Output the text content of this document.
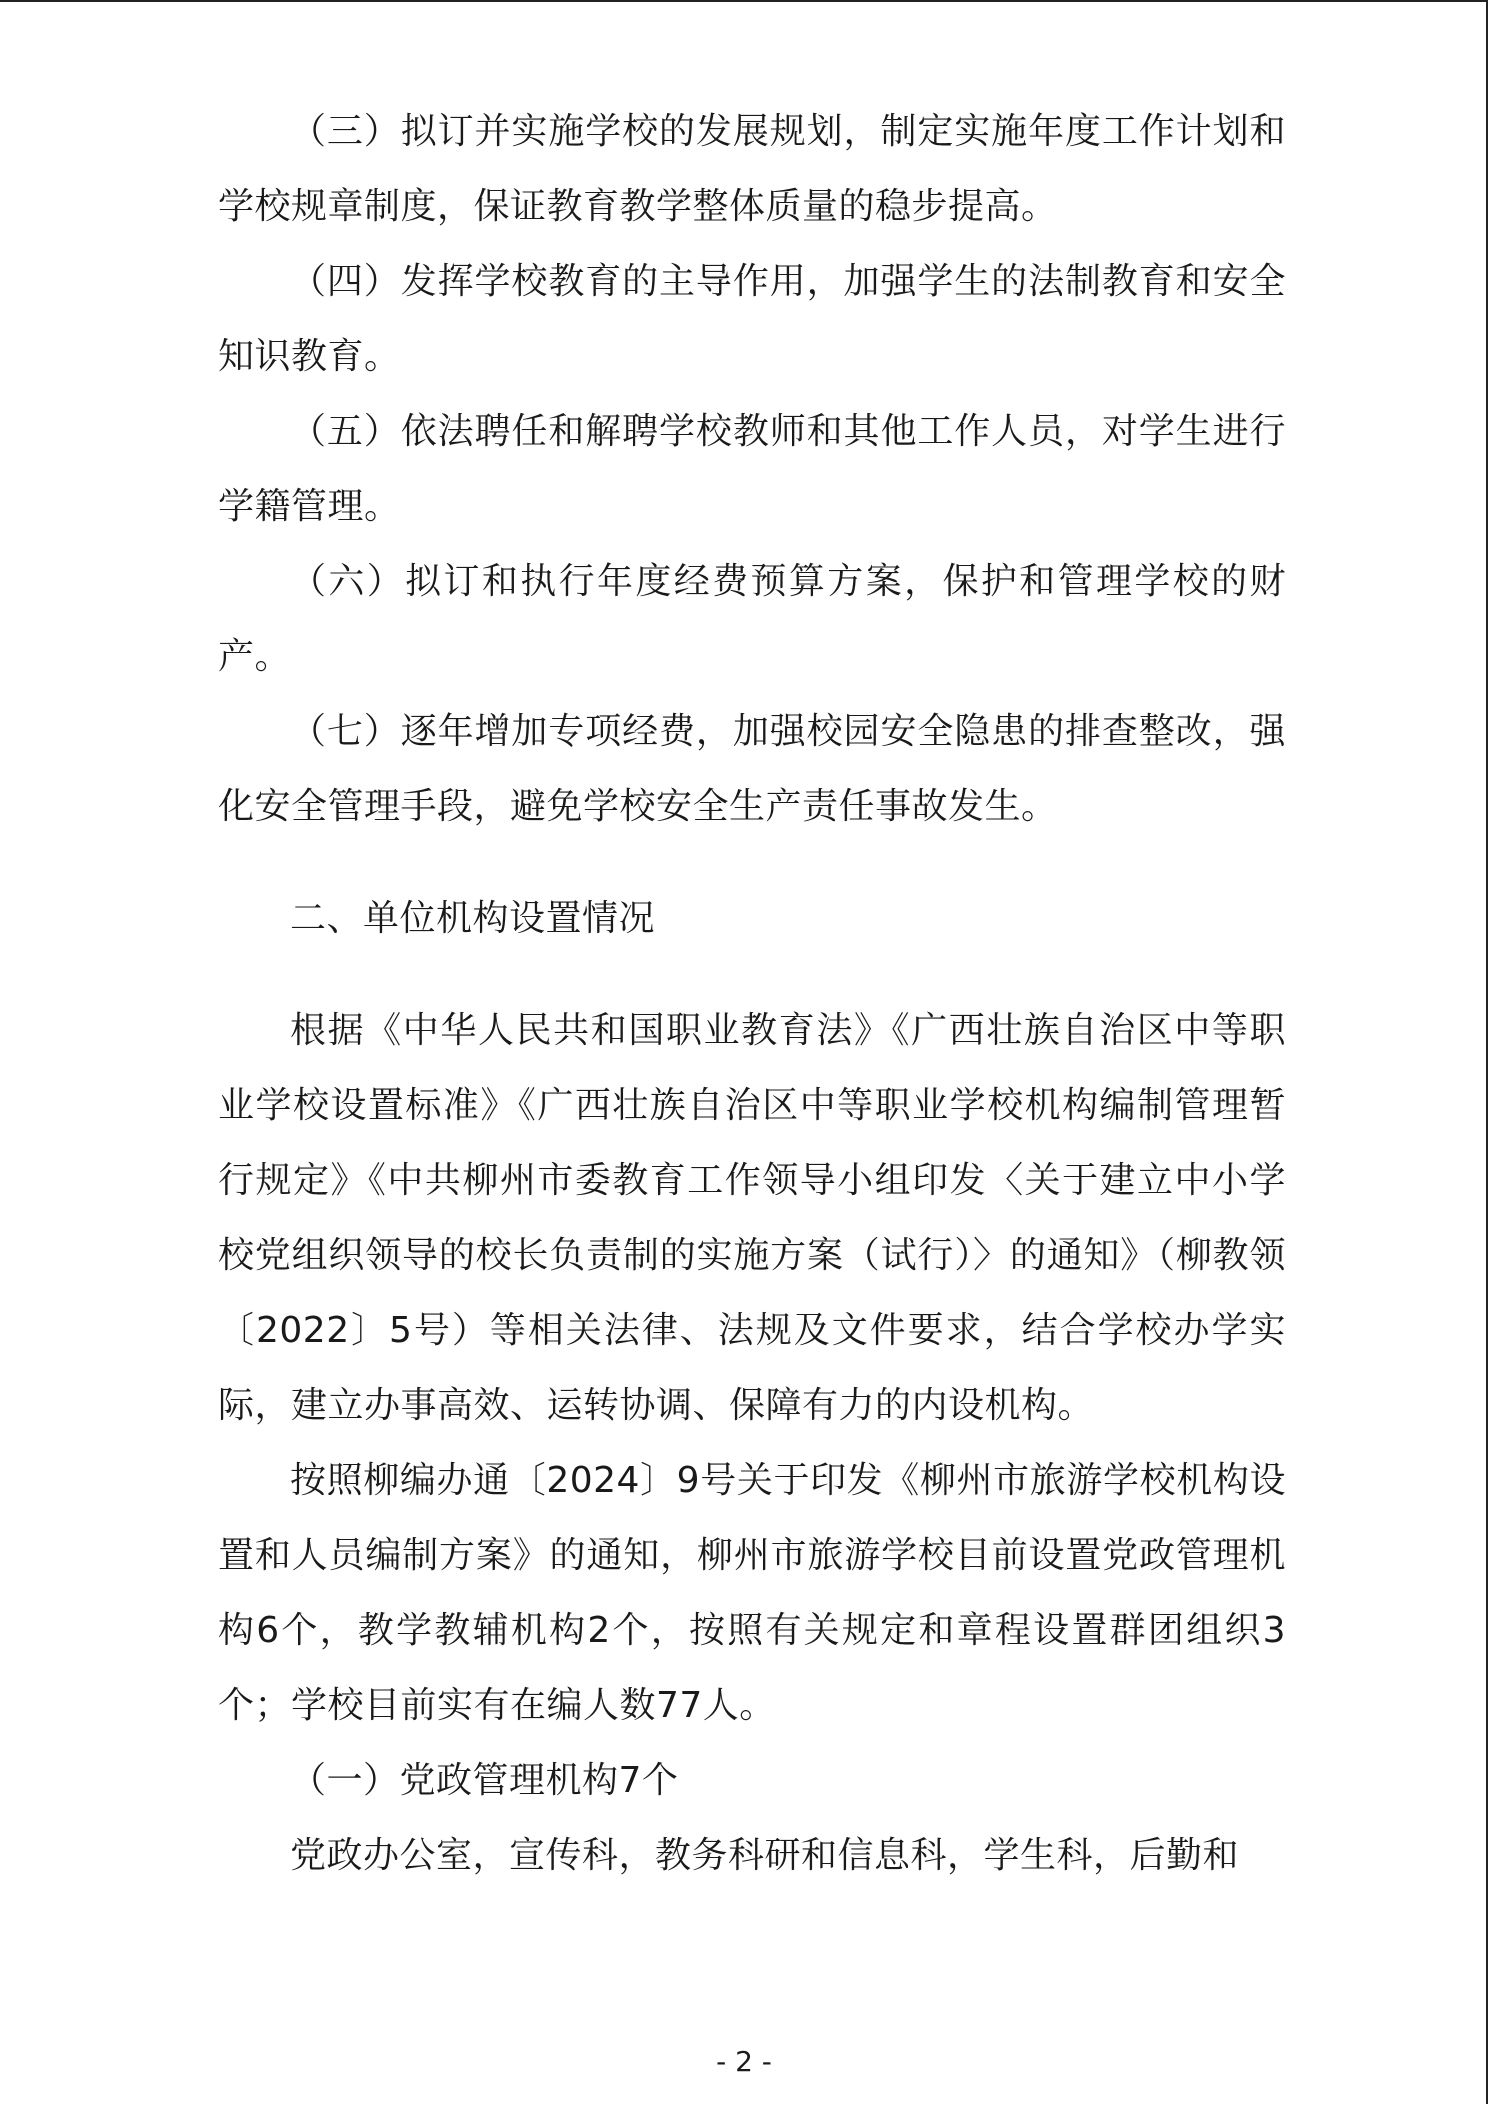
（三）拟订并实施学校的发展规划，制定实施年度工作计划和学校规章制度，保证教育教学整体质量的稳步提高。

（四）发挥学校教育的主导作用，加强学生的法制教育和安全知识教育。

（五）依法聘任和解聘学校教师和其他工作人员，对学生进行学籍管理。

（六）拟订和执行年度经费预算方案，保护和管理学校的财产。

（七）逐年增加专项经费，加强校园安全隐患的排查整改，强化安全管理手段，避免学校安全生产责任事故发生。

二、单位机构设置情况

根据《中华人民共和国职业教育法》《广西壮族自治区中等职业学校设置标准》《广西壮族自治区中等职业学校机构编制管理暂行规定》《中共柳州市委教育工作领导小组印发〈关于建立中小学校党组织领导的校长负责制的实施方案（试行）〉的通知》（柳教领〔2022〕5号）等相关法律、法规及文件要求，结合学校办学实际，建立办事高效、运转协调、保障有力的内设机构。

按照柳编办通〔2024〕9号关于印发《柳州市旅游学校机构设置和人员编制方案》的通知，柳州市旅游学校目前设置党政管理机构6个，教学教辅机构2个，按照有关规定和章程设置群团组织3个；学校目前实有在编人数77人。

（一）党政管理机构7个

党政办公室，宣传科，教务科研和信息科，学生科，后勤和

- 2 -
